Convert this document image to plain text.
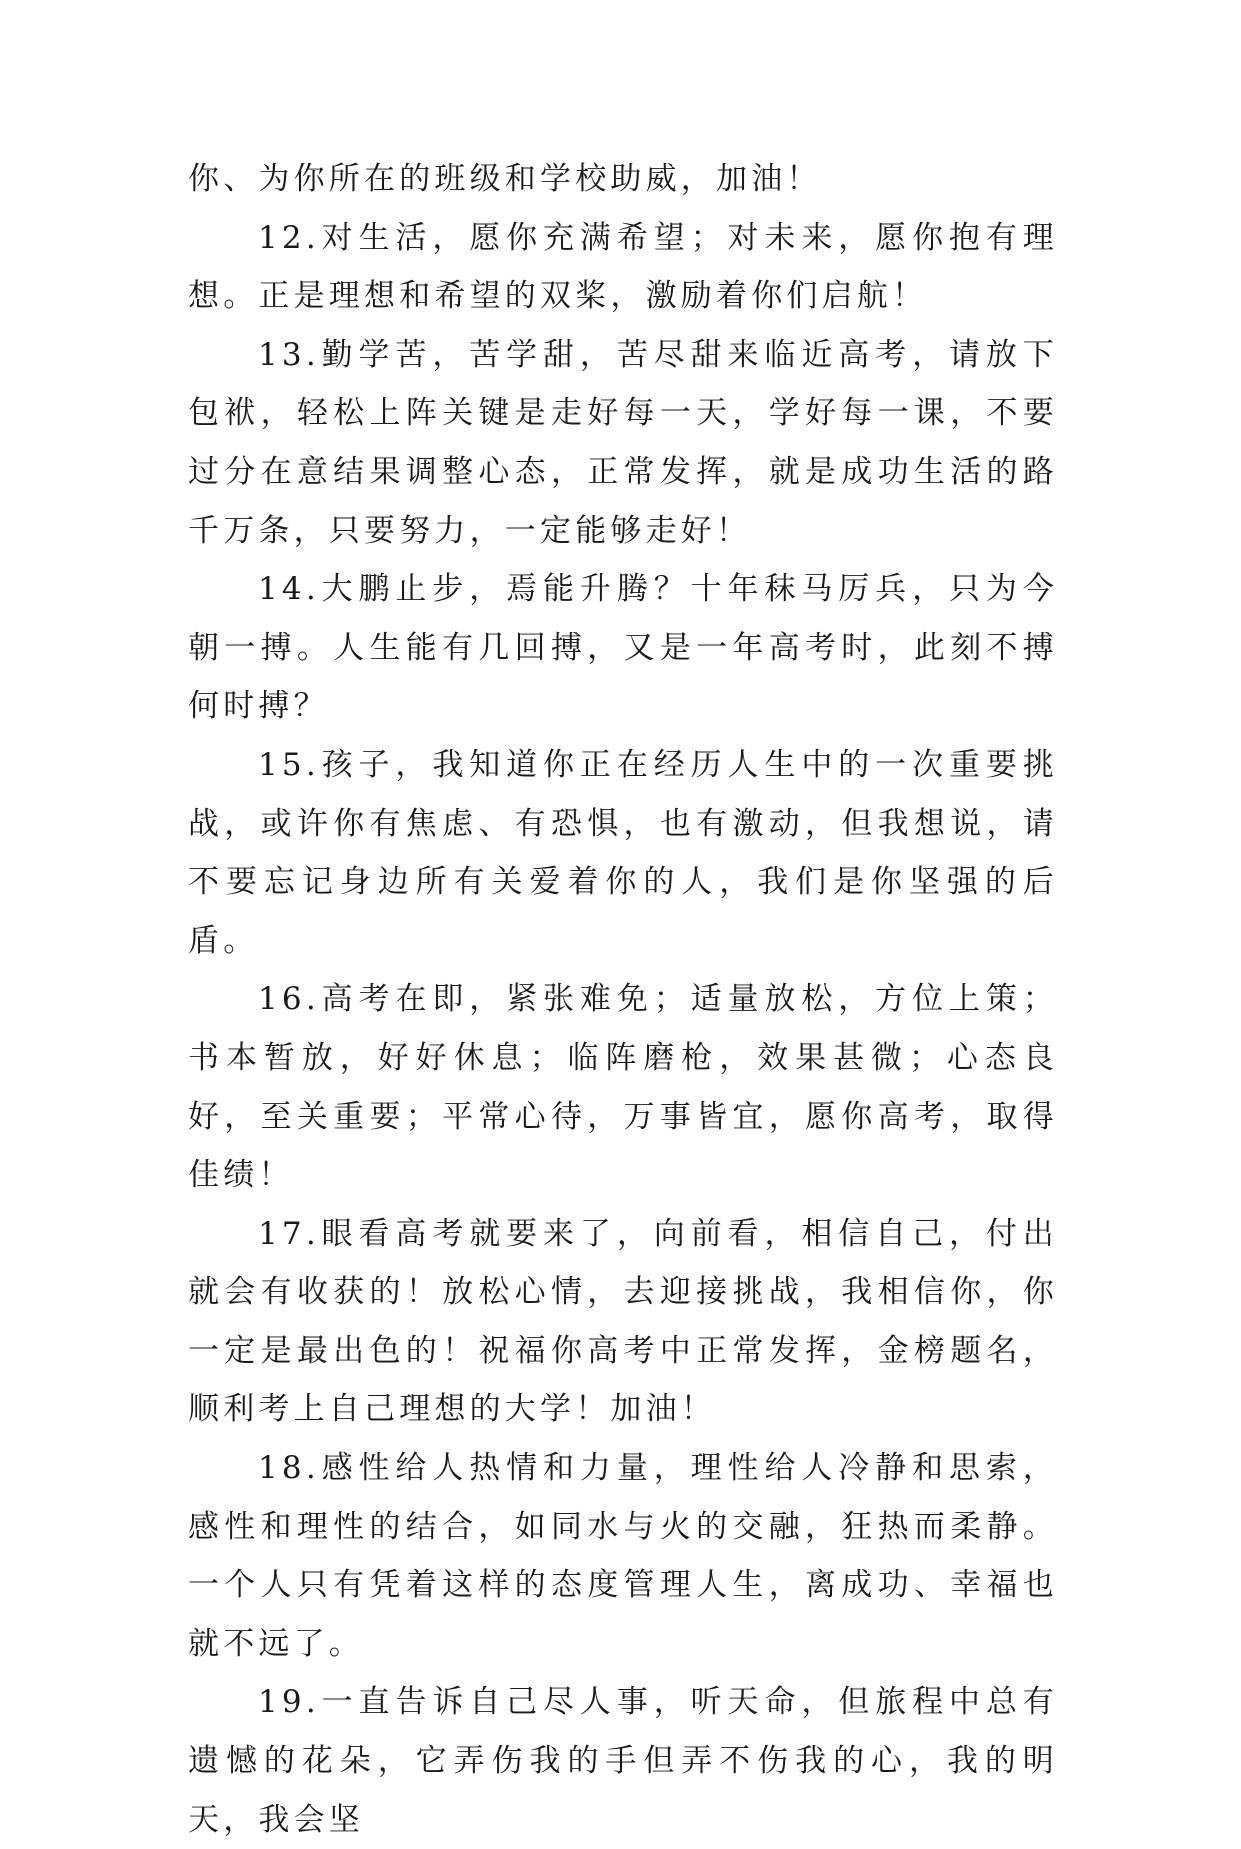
你、为你所在的班级和学校助威，加油！

12.对生活，愿你充满希望；对未来，愿你抱有理想。正是理想和希望的双桨，激励着你们启航！

13.勤学苦，苦学甜，苦尽甜来临近高考，请放下包袱，轻松上阵关键是走好每一天，学好每一课，不要过分在意结果调整心态，正常发挥，就是成功生活的路千万条，只要努力，一定能够走好！

14.大鹏止步，焉能升腾？十年秣马厉兵，只为今朝一搏。人生能有几回搏，又是一年高考时，此刻不搏何时搏？

15.孩子，我知道你正在经历人生中的一次重要挑战，或许你有焦虑、有恐惧，也有激动，但我想说，请不要忘记身边所有关爱着你的人，我们是你坚强的后盾。

16.高考在即，紧张难免；适量放松，方位上策；书本暂放，好好休息；临阵磨枪，效果甚微；心态良好，至关重要；平常心待，万事皆宜，愿你高考，取得佳绩！

17.眼看高考就要来了，向前看，相信自己，付出就会有收获的！放松心情，去迎接挑战，我相信你，你一定是最出色的！祝福你高考中正常发挥，金榜题名，顺利考上自己理想的大学！加油！

18.感性给人热情和力量，理性给人冷静和思索，感性和理性的结合，如同水与火的交融，狂热而柔静。一个人只有凭着这样的态度管理人生，离成功、幸福也就不远了。

19.一直告诉自己尽人事，听天命，但旅程中总有遗憾的花朵，它弄伤我的手但弄不伤我的心，我的明天，我会坚
